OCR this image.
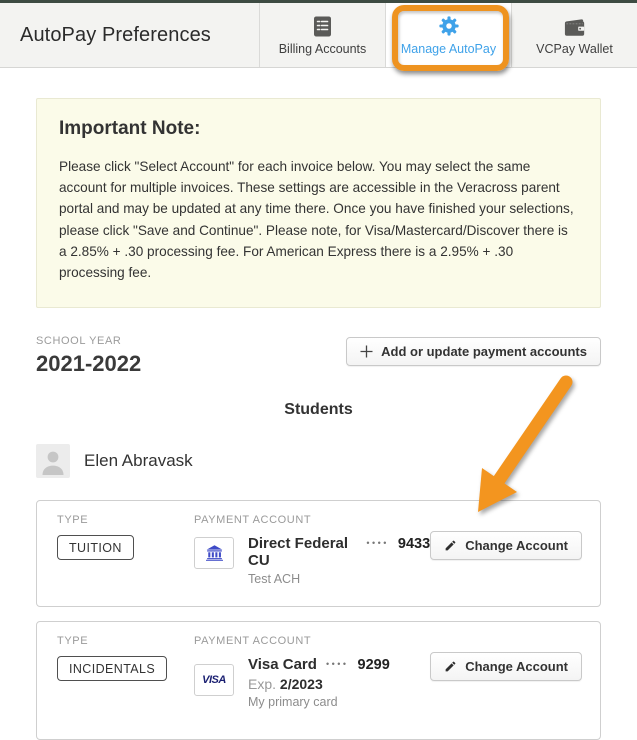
AutoPay Preferences
Billing Accounts	Manage AutoPay	VCPay Wallet
Important Note:

Please click "Select Account" for each invoice below. You may select the same account for multiple invoices. These settings are accessible in the Veracross parent portal and may be updated at any time there. Once you have finished your selections, please click "Save and Continue". Please note, for Visa/Mastercard/Discover there is a 2.85% + .30 processing fee. For American Express there is a 2.95% + .30 processing fee.

SCHOOL YEAR
2021-2022	Add or update payment accounts
Students
Elen Abravask
TYPE
TUITION
PAYMENT ACCOUNT
Direct Federal CU
•••• 9433
Test ACH
Change Account
TYPE
INCIDENTALS
PAYMENT ACCOUNT
VISA
Visa Card •••• 9299
Exp. 2/2023
My primary card
Change Account
